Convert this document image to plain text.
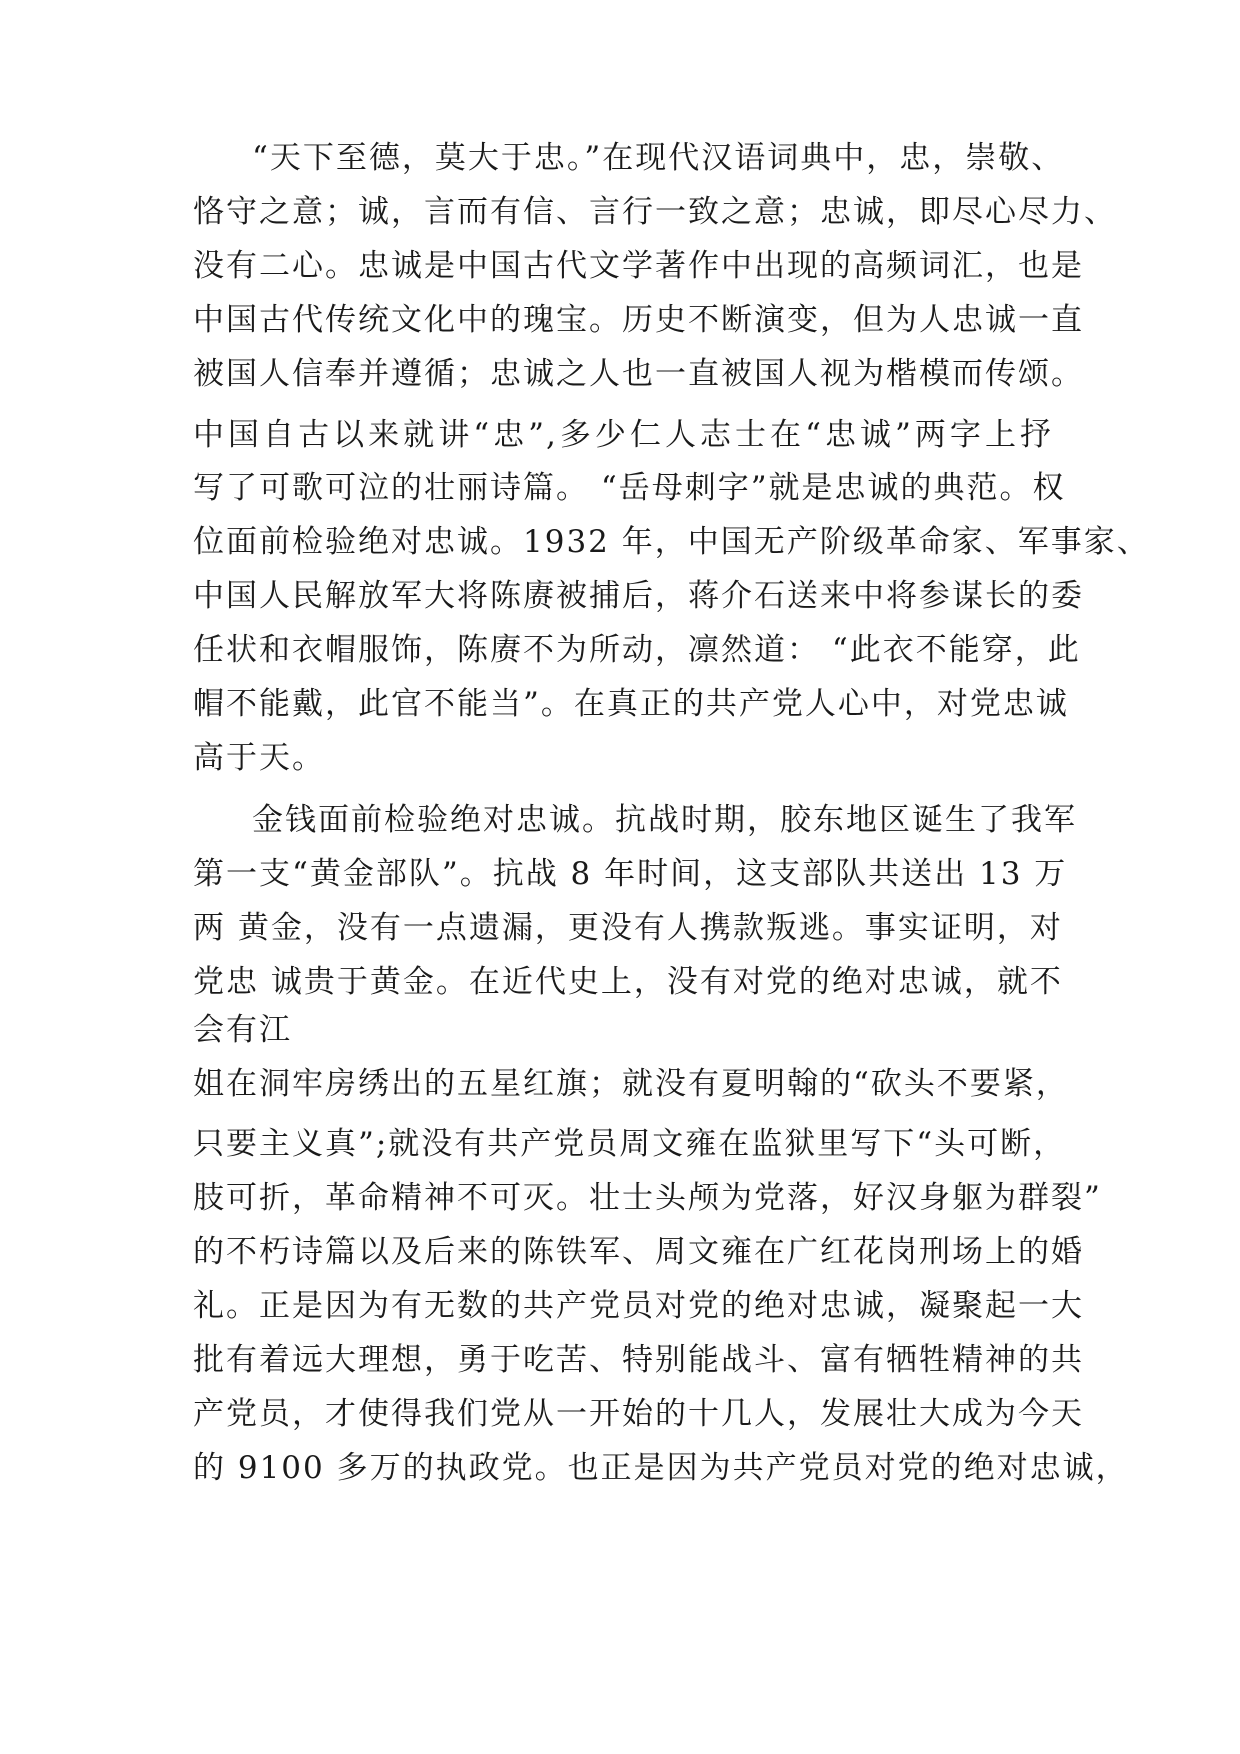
“天下至德，莫大于忠。”在现代汉语词典中，忠，崇敬、
恪守之意；诚，言而有信、言行一致之意；忠诚，即尽心尽力、
没有二心。忠诚是中国古代文学著作中出现的高频词汇，也是
中国古代传统文化中的瑰宝。历史不断演变，但为人忠诚一直
被国人信奉并遵循；忠诚之人也一直被国人视为楷模而传颂。
中国自古以来就讲“忠”,多少仁人志士在“忠诚”两字上抒
写了可歌可泣的壮丽诗篇。 “岳母刺字”就是忠诚的典范。权
位面前检验绝对忠诚。1932 年，中国无产阶级革命家、军事家、
中国人民解放军大将陈赓被捕后，蒋介石送来中将参谋长的委
任状和衣帽服饰，陈赓不为所动，凛然道： “此衣不能穿，此
帽不能戴，此官不能当”。在真正的共产党人心中，对党忠诚
高于天。
金钱面前检验绝对忠诚。抗战时期，胶东地区诞生了我军
第一支“黄金部队”。抗战 8 年时间，这支部队共送出 13 万
两 黄金，没有一点遗漏，更没有人携款叛逃。事实证明，对
党忠 诚贵于黄金。在近代史上，没有对党的绝对忠诚，就不
会有江
姐在洞牢房绣出的五星红旗；就没有夏明翰的“砍头不要紧，
只要主义真”;就没有共产党员周文雍在监狱里写下“头可断，
肢可折，革命精神不可灭。壮士头颅为党落，好汉身躯为群裂”
的不朽诗篇以及后来的陈铁军、周文雍在广红花岗刑场上的婚
礼。正是因为有无数的共产党员对党的绝对忠诚，凝聚起一大
批有着远大理想，勇于吃苦、特别能战斗、富有牺牲精神的共
产党员，才使得我们党从一开始的十几人，发展壮大成为今天
的 9100 多万的执政党。也正是因为共产党员对党的绝对忠诚，
